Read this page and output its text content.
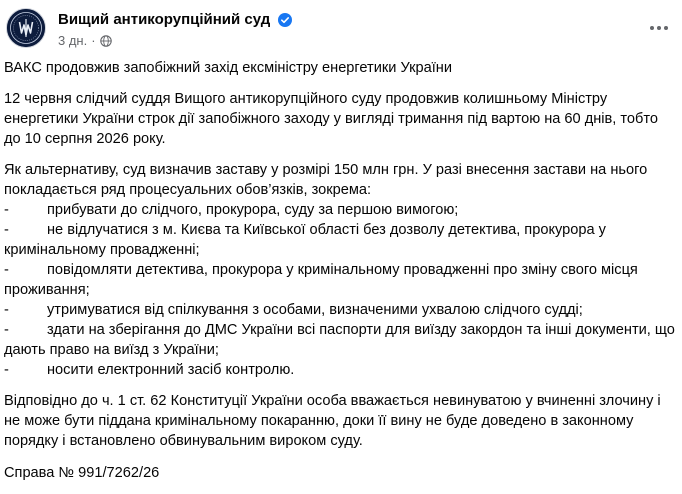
Вищий антикорупційний суд
3 дн. ·

ВАКС продовжив запобіжний захід ексміністру енергетики України

12 червня слідчий суддя Вищого антикорупційного суду продовжив колишньому Міністру енергетики України строк дії запобіжного заходу у вигляді тримання під вартою на 60 днів, тобто до 10 серпня 2026 року.

Як альтернативу, суд визначив заставу у розмірі 150 млн грн. У разі внесення застави на нього покладається ряд процесуальних обов’язків, зокрема:
-	прибувати до слідчого, прокурора, суду за першою вимогою;
-	не відлучатися з м. Києва та Київської області без дозволу детектива, прокурора у кримінальному провадженні;
-	повідомляти детектива, прокурора у кримінальному провадженні про зміну свого місця проживання;
-	утримуватися від спілкування з особами, визначеними ухвалою слідчого судді;
-	здати на зберігання до ДМС України всі паспорти для виїзду закордон та інші документи, що дають право на виїзд з України;
-	носити електронний засіб контролю.

Відповідно до ч. 1 ст. 62 Конституції України особа вважається невинуватою у вчиненні злочину і не може бути піддана кримінальному покаранню, доки її вину не буде доведено в законному порядку і встановлено обвинувальним вироком суду.

Справа № 991/7262/26
